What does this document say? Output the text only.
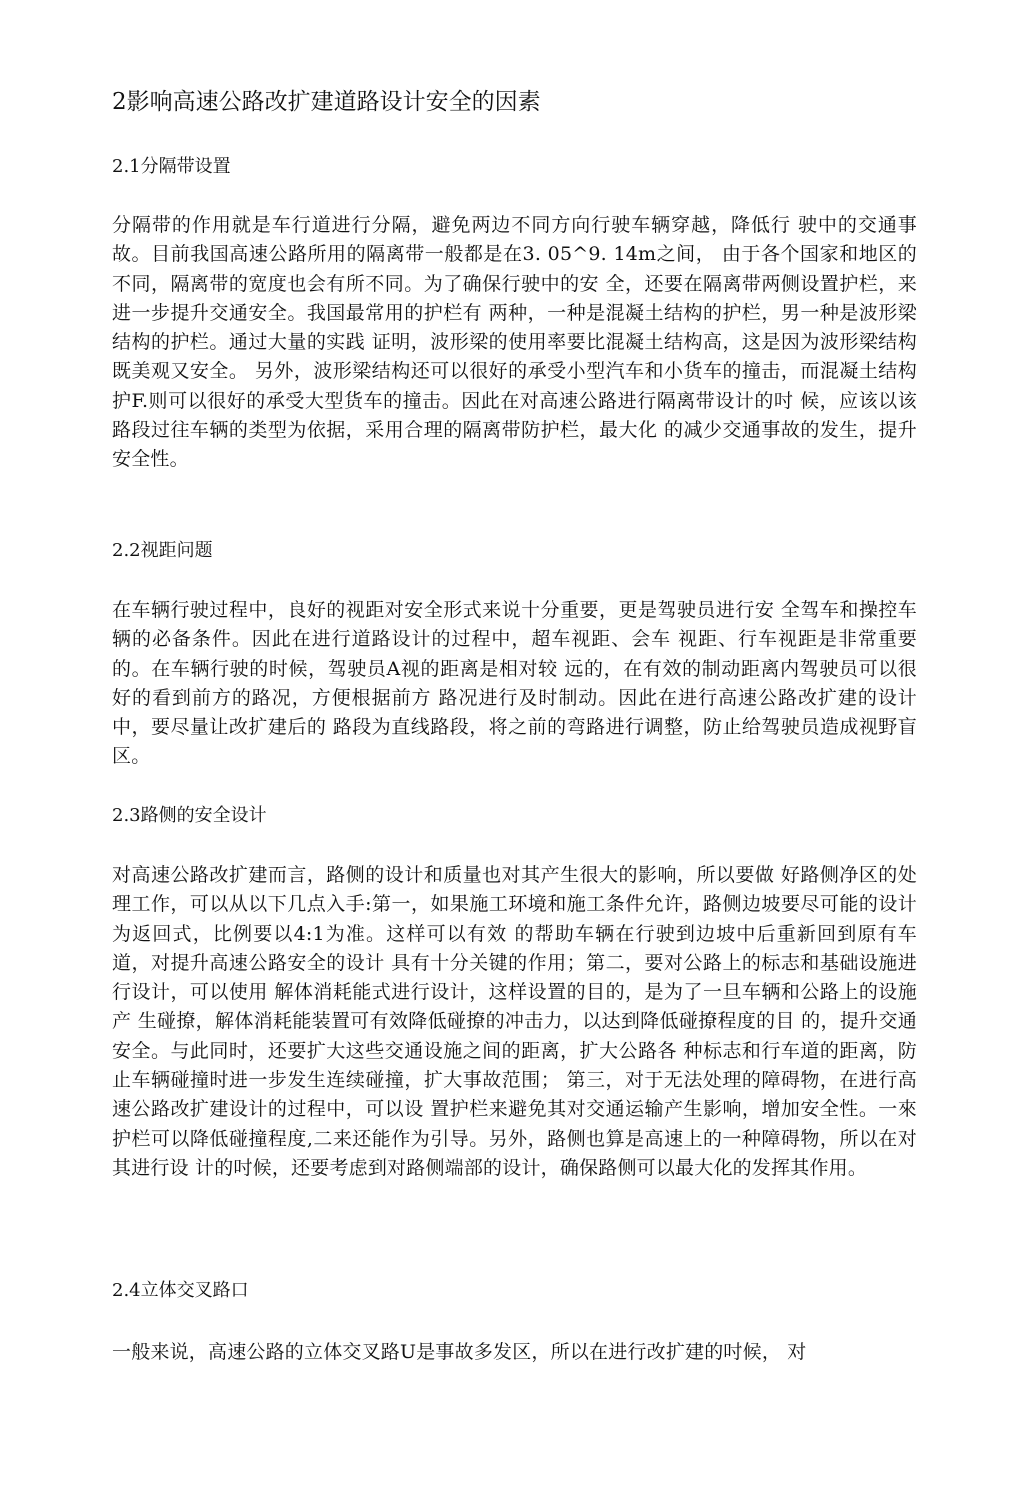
2影响高速公路改扩建道路设计安全的因素
2.1分隔带设置
分隔带的作用就是车行道进行分隔，避免两边不同方向行驶车辆穿越，降低行 驶中的交通事故。目前我国高速公路所用的隔离带一般都是在3. 05^9. 14m之间， 由于各个国家和地区的不同，隔离带的宽度也会有所不同。为了确保行驶中的安 全，还要在隔离带两侧设置护栏，来进一步提升交通安全。我国最常用的护栏有 两种，一种是混凝土结构的护栏，男一种是波形梁结构的护栏。通过大量的实践 证明，波形梁的使用率要比混凝土结构高，这是因为波形梁结构既美观又安全。 另外，波形梁结构还可以很好的承受小型汽车和小货车的撞击，而混凝土结构 护F.则可以很好的承受大型货车的撞击。因此在对高速公路进行隔离带设计的吋 候，应该以该路段过往车辆的类型为依据，采用合理的隔离带防护栏，最大化 的减少交通事故的发生，提升安全性。
2.2视距问题
在车辆行驶过程中，良好的视距对安全形式来说十分重要，更是驾驶员进行安 全驾车和操控车辆的必备条件。因此在进行道路设计的过程中，超车视距、会车 视距、行车视距是非常重要的。在车辆行驶的时候，驾驶员A视的距离是相对较 远的，在有效的制动距离内驾驶员可以很好的看到前方的路况，方便根据前方 路况进行及时制动。因此在进行高速公路改扩建的设计中，要尽量让改扩建后的 路段为直线路段，将之前的弯路进行调整，防止给驾驶员造成视野盲区。
2.3路侧的安全设计
对高速公路改扩建而言，路侧的设计和质量也对其产生很大的影响，所以要做 好路侧净区的处理工作，可以从以下几点入手:第一，如果施工环境和施工条件允许，路侧边坡要尽可能的设计为返回式，比例要以4:1为准。这样可以有效 的帮助车辆在行驶到边坡中后重新回到原有车道，对提升高速公路安全的设计 具有十分关键的作用；第二，要对公路上的标志和基础设施进行设计，可以使用 解体消耗能式进行设计，这样设置的目的，是为了一旦车辆和公路上的设施产 生碰撩，解体消耗能装置可有效降低碰撩的冲击力，以达到降低碰撩程度的目 的，提升交通安全。与此同时，还要扩大这些交通设施之间的距离，扩大公路各 种标志和行车道的距离，防止车辆碰撞时进一步发生连续碰撞，扩大事故范围； 第三，对于无法处理的障碍物，在进行高速公路改扩建设计的过程中，可以设 置护栏来避免其对交通运输产生影响，增加安全性。一來护栏可以降低碰撞程度,二来还能作为引导。另外，路侧也算是高速上的一种障碍物，所以在对其进行设 计的吋候，还要考虑到对路侧端部的设计，确保路侧可以最大化的发挥其作用。
2.4立体交叉路口
一般来说，高速公路的立体交叉路U是事故多发区，所以在进行改扩建的吋候， 对
